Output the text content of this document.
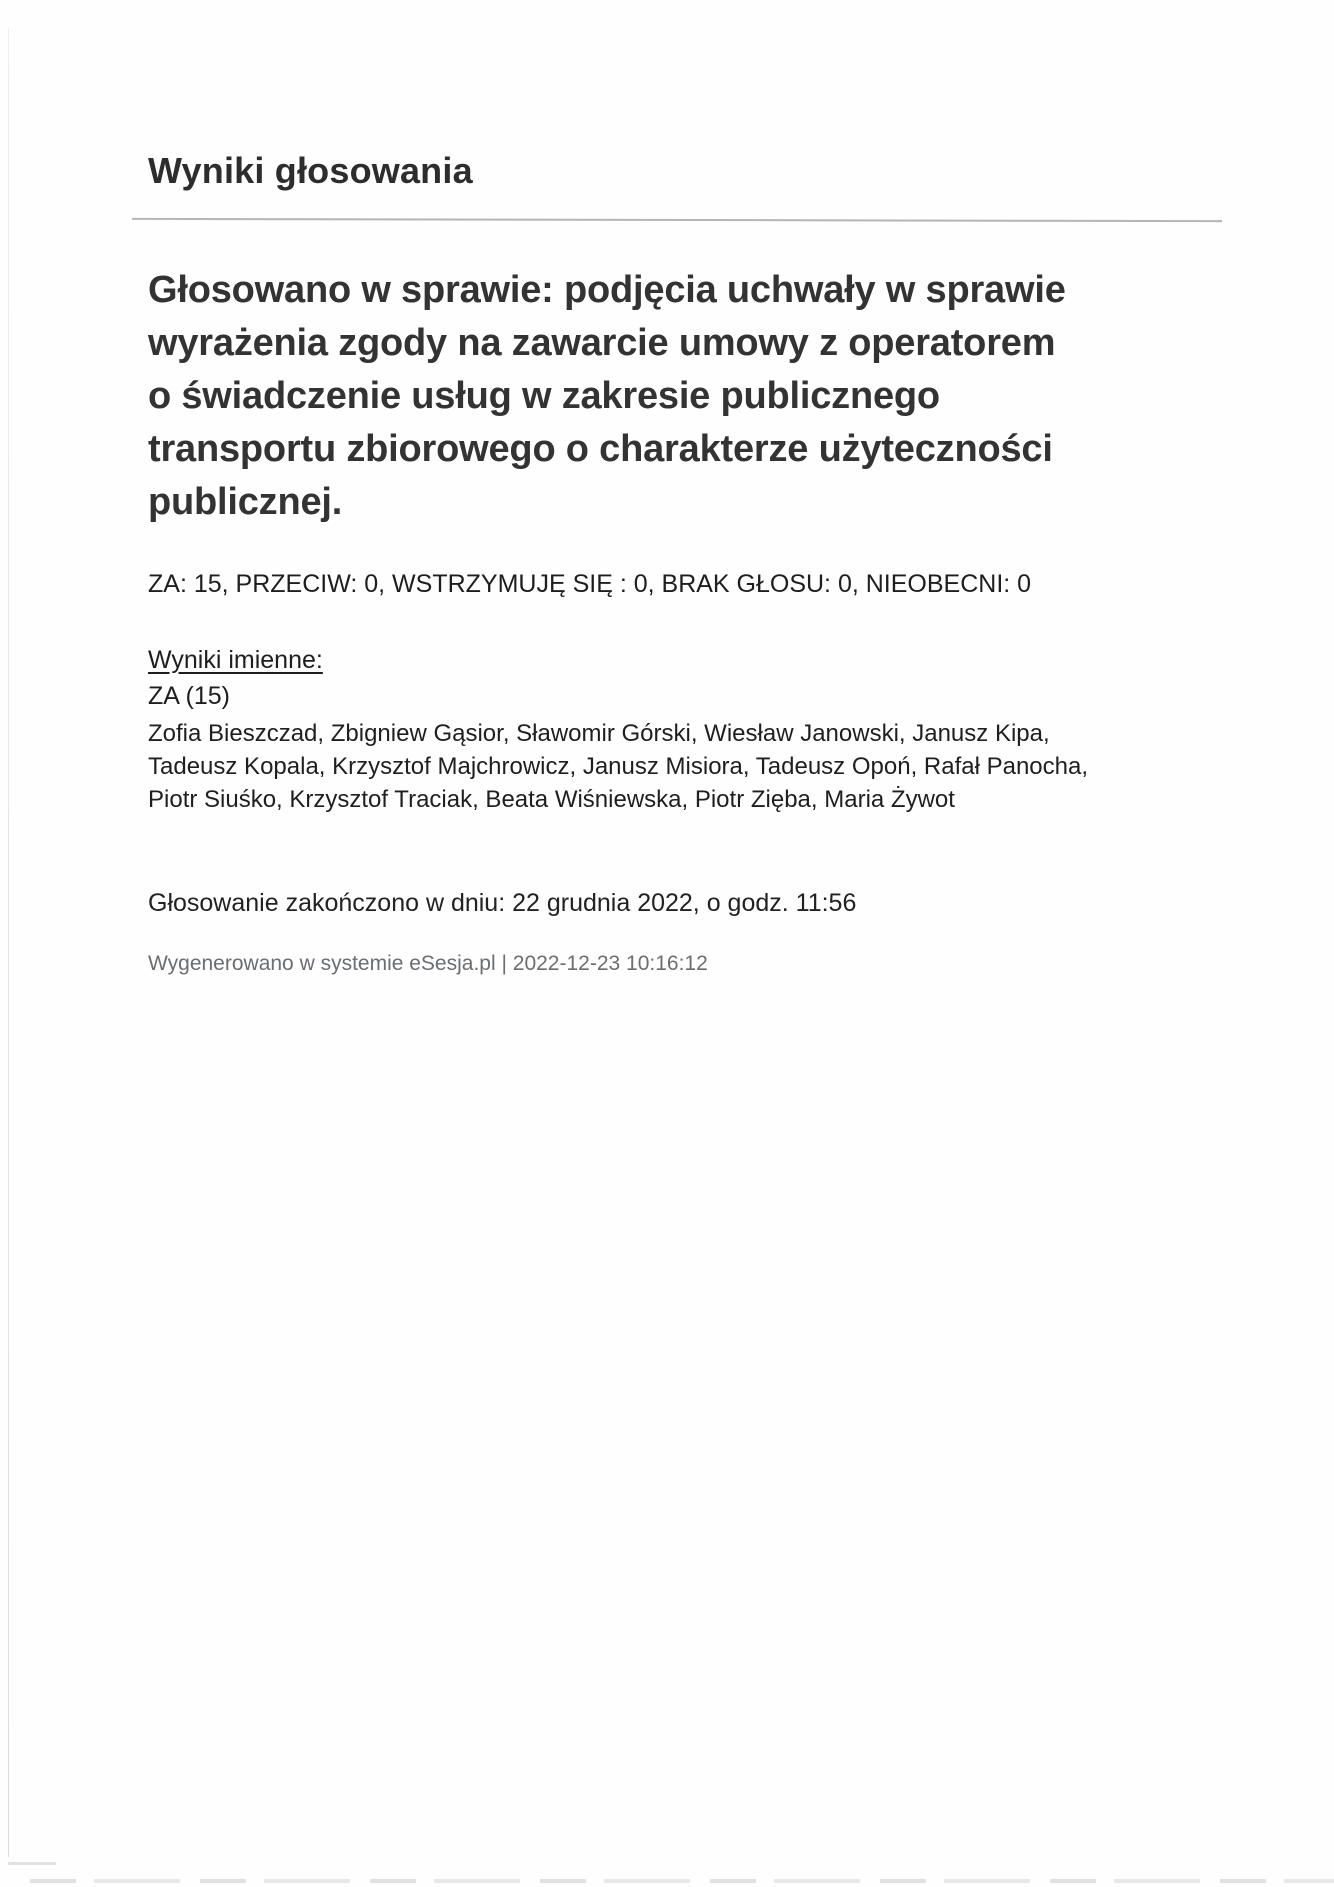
Wyniki głosowania
Głosowano w sprawie: podjęcia uchwały w sprawie
wyrażenia zgody na zawarcie umowy z operatorem
o świadczenie usług w zakresie publicznego
transportu zbiorowego o charakterze użyteczności
publicznej.
ZA: 15, PRZECIW: 0, WSTRZYMUJĘ SIĘ : 0, BRAK GŁOSU: 0, NIEOBECNI: 0
Wyniki imienne:
ZA (15)
Zofia Bieszczad, Zbigniew Gąsior, Sławomir Górski, Wiesław Janowski, Janusz Kipa,
Tadeusz Kopala, Krzysztof Majchrowicz, Janusz Misiora, Tadeusz Opoń, Rafał Panocha,
Piotr Siuśko, Krzysztof Traciak, Beata Wiśniewska, Piotr Zięba, Maria Żywot
Głosowanie zakończono w dniu: 22 grudnia 2022, o godz. 11:56
Wygenerowano w systemie eSesja.pl | 2022-12-23 10:16:12
